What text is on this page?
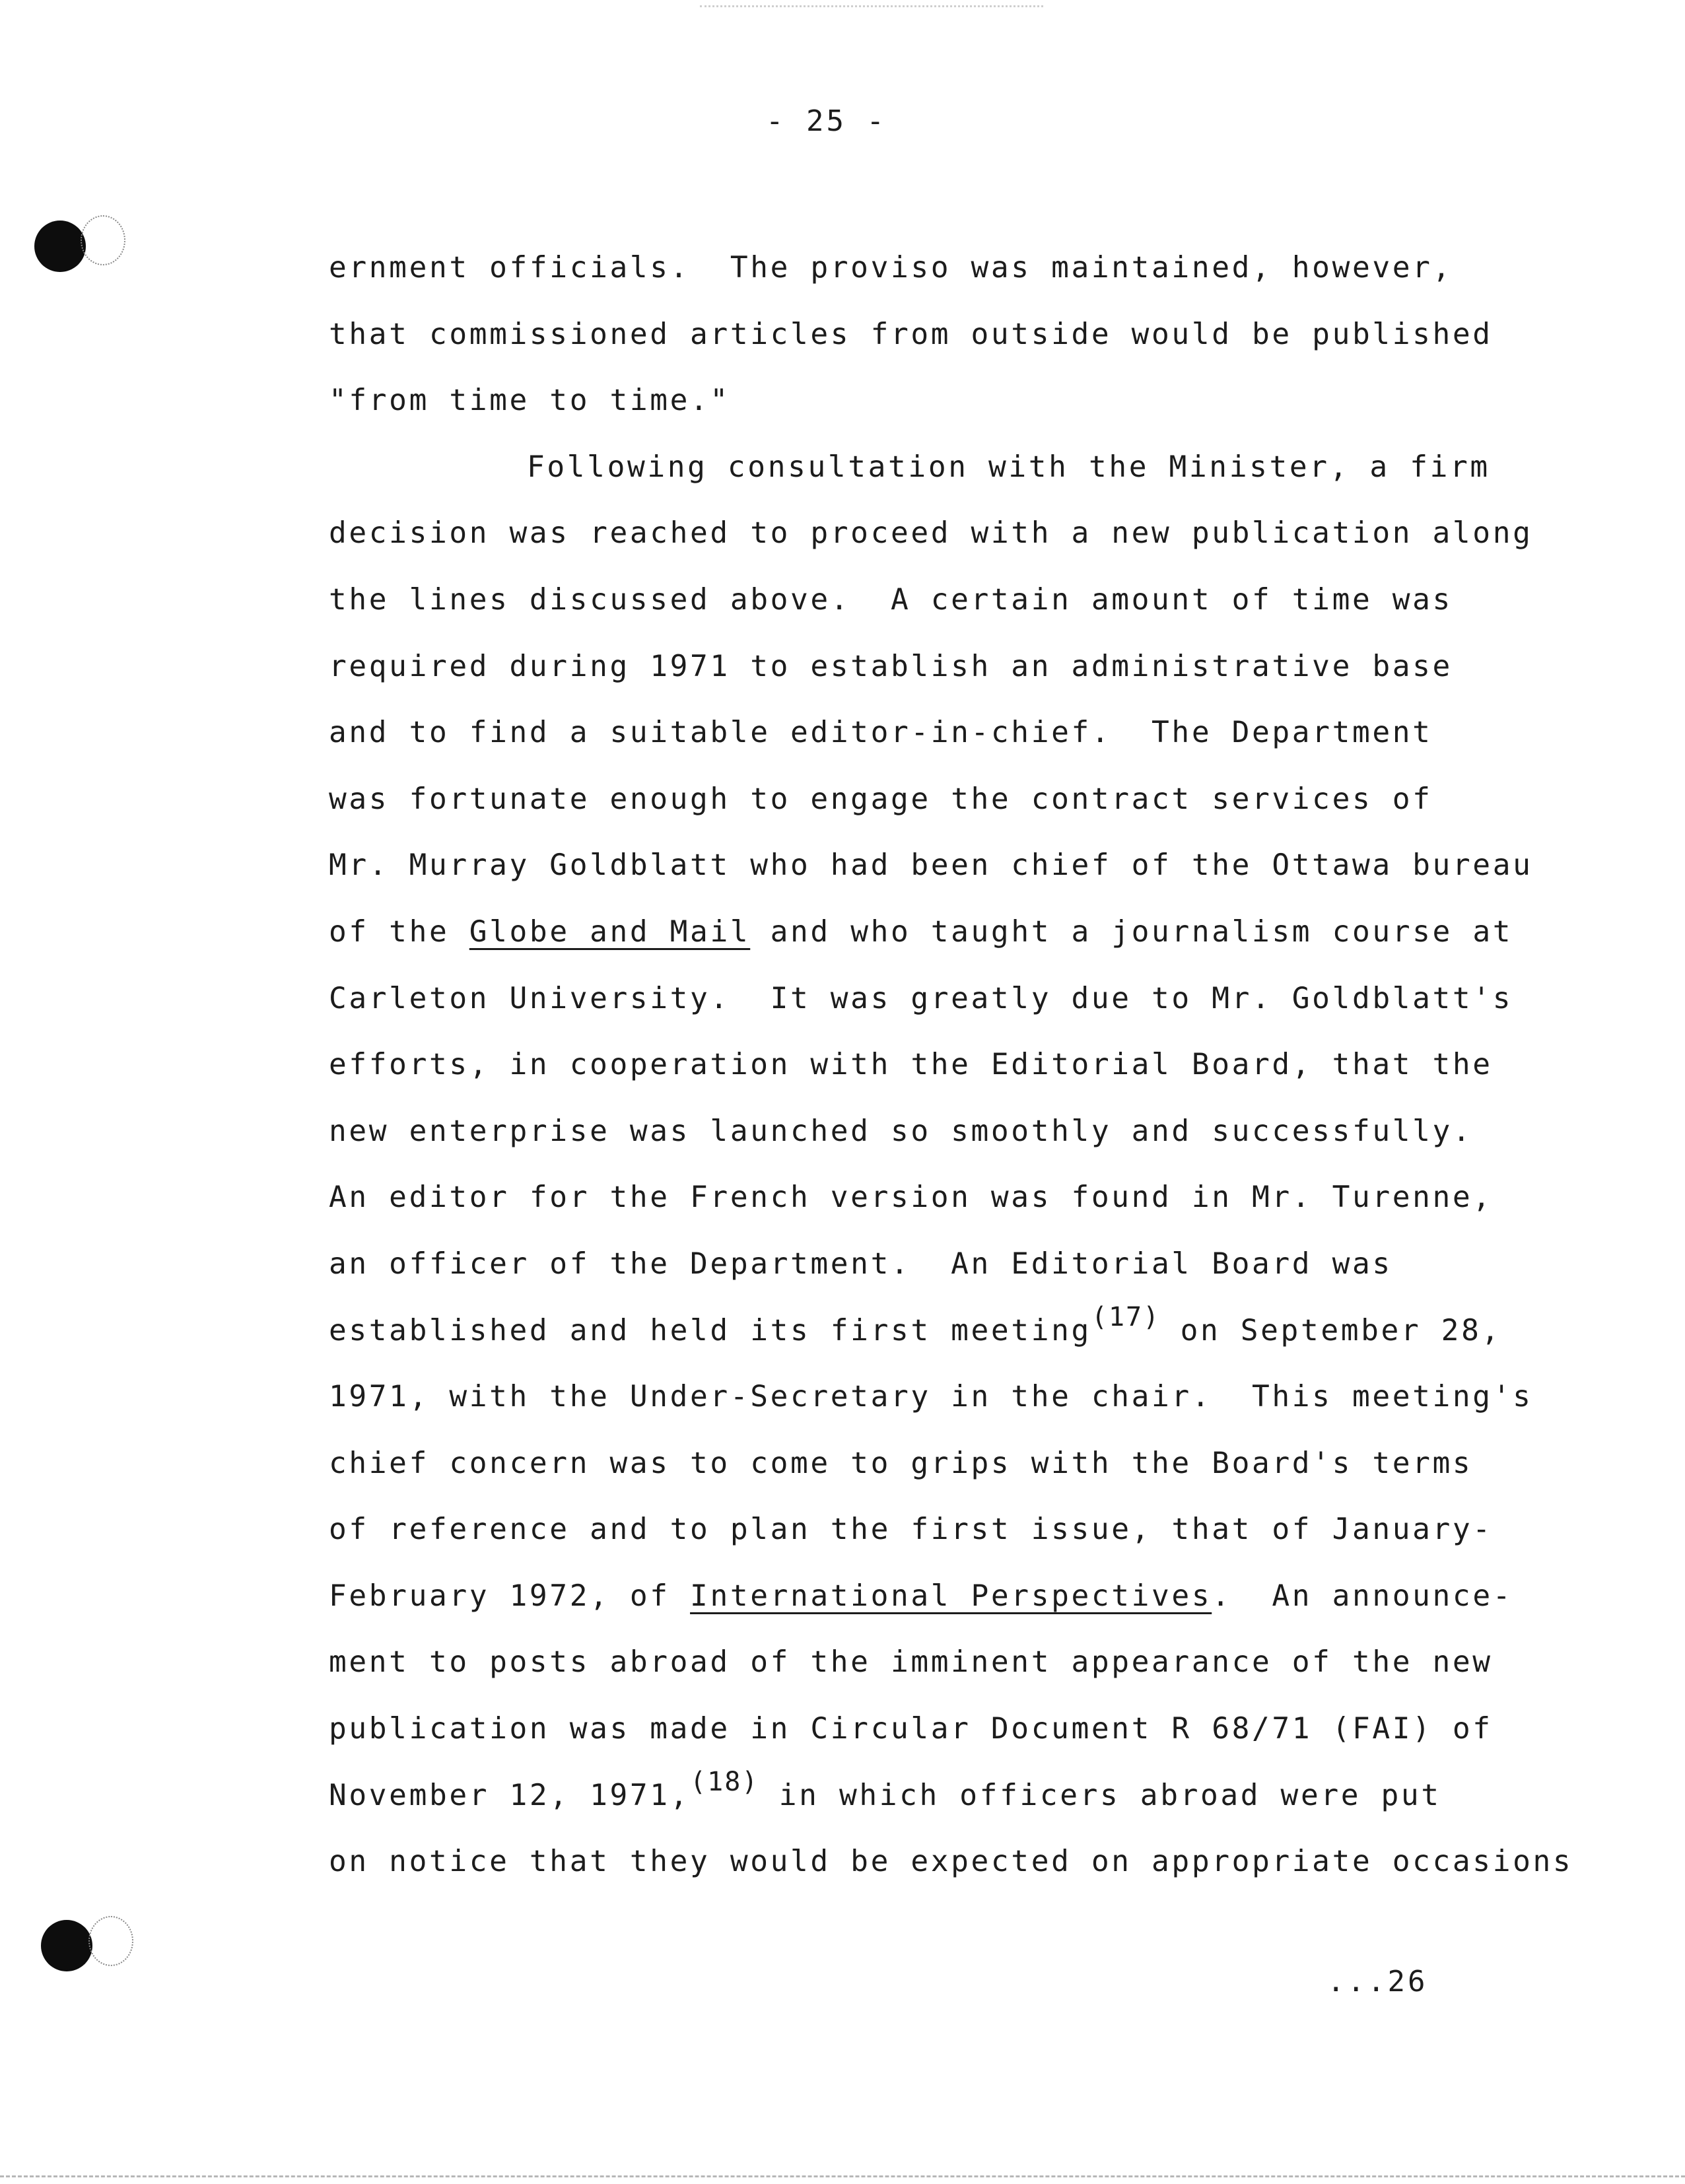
- 25 -
ernment officials.  The proviso was maintained, however,
that commissioned articles from outside would be published
"from time to time."
Following consultation with the Minister, a firm
decision was reached to proceed with a new publication along
the lines discussed above.  A certain amount of time was
required during 1971 to establish an administrative base
and to find a suitable editor-in-chief.  The Department
was fortunate enough to engage the contract services of
Mr. Murray Goldblatt who had been chief of the Ottawa bureau
of the Globe and Mail and who taught a journalism course at
Carleton University.  It was greatly due to Mr. Goldblatt's
efforts, in cooperation with the Editorial Board, that the
new enterprise was launched so smoothly and successfully.
An editor for the French version was found in Mr. Turenne,
an officer of the Department.  An Editorial Board was
established and held its first meeting(17) on September 28,
1971, with the Under-Secretary in the chair.  This meeting's
chief concern was to come to grips with the Board's terms
of reference and to plan the first issue, that of January-
February 1972, of International Perspectives.  An announce-
ment to posts abroad of the imminent appearance of the new
publication was made in Circular Document R 68/71 (FAI) of
November 12, 1971,(18) in which officers abroad were put
on notice that they would be expected on appropriate occasions
...26
